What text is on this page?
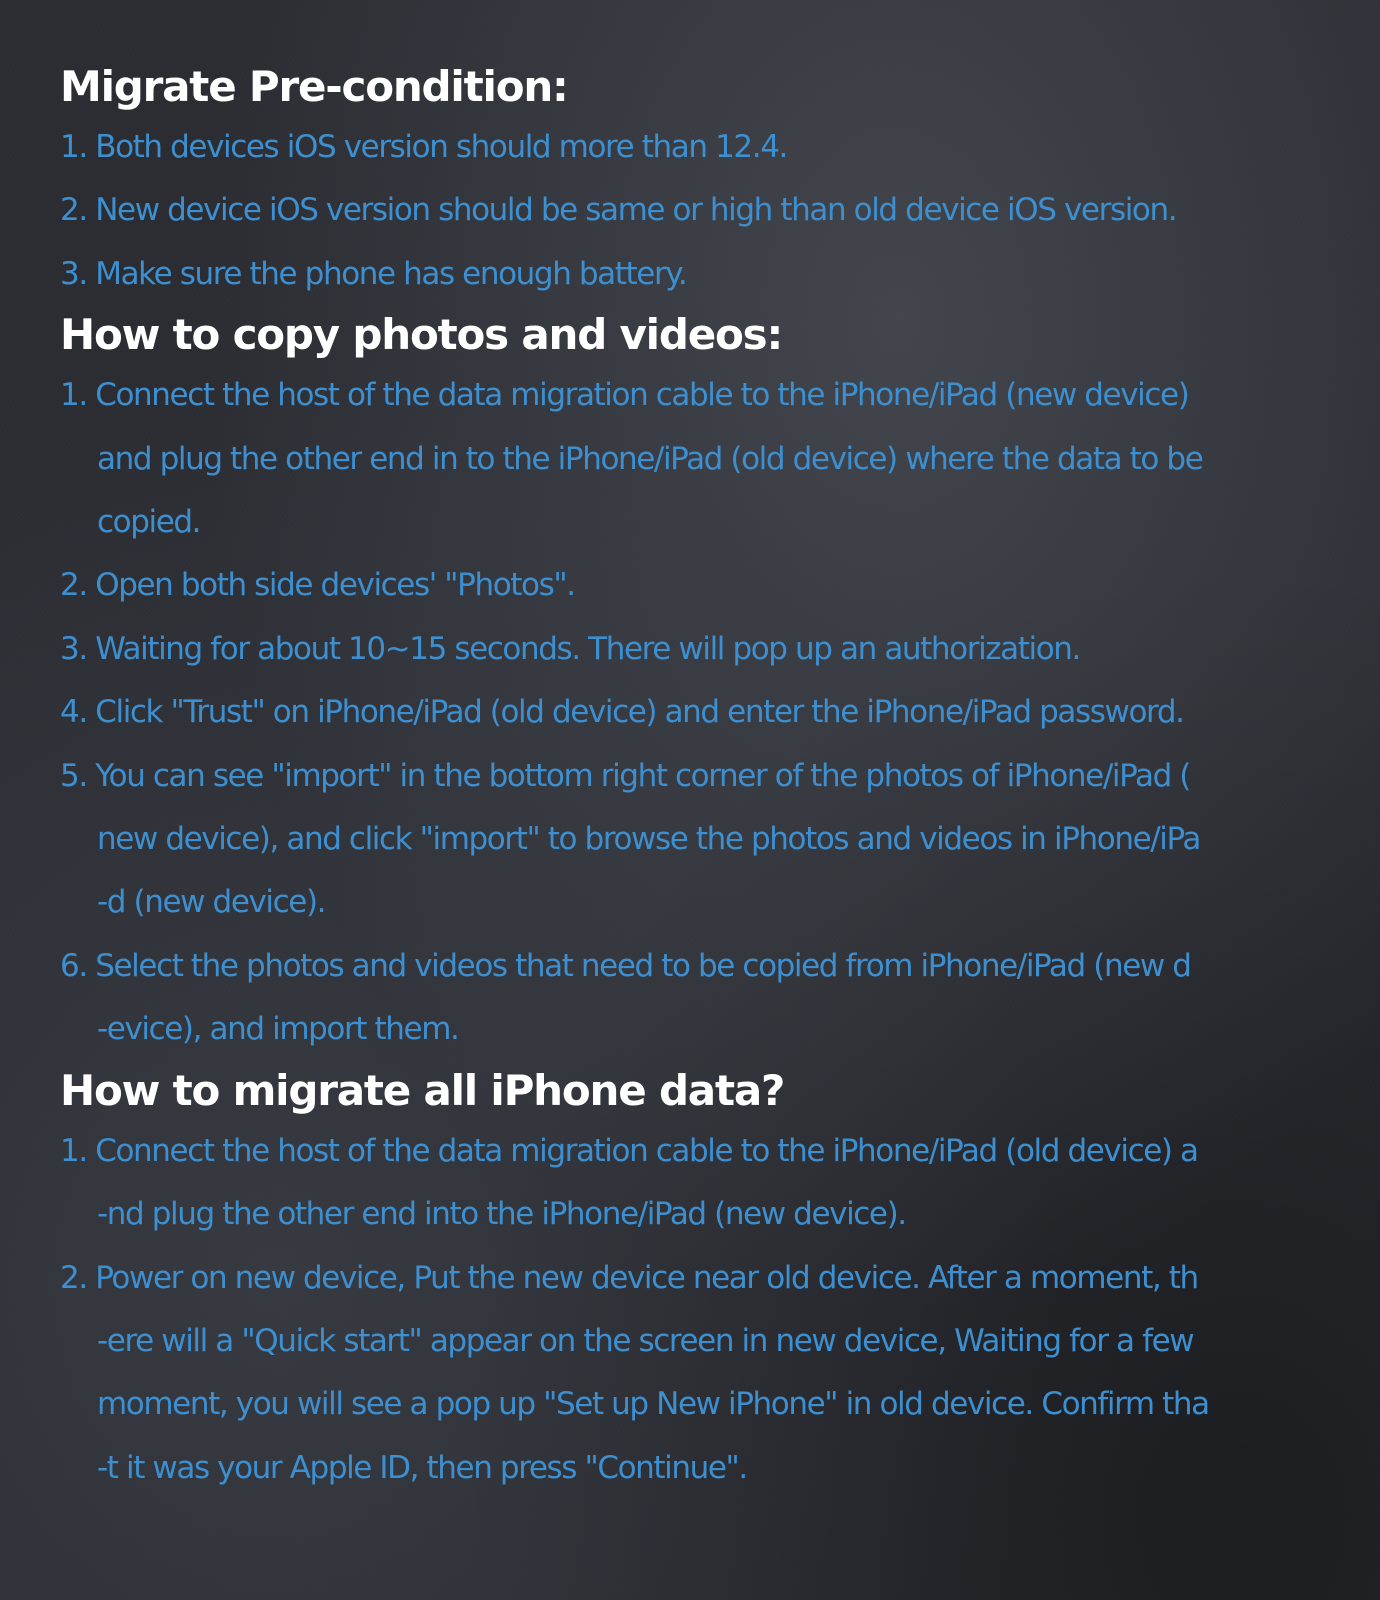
Migrate Pre-condition:

1. Both devices iOS version should more than 12.4.

2. New device iOS version should be same or high than old device iOS version.

3. Make sure the phone has enough battery.

How to copy photos and videos:

1. Connect the host of the data migration cable to the iPhone/iPad (new device)
and plug the other end in to the iPhone/iPad (old device) where the data to be
copied.

2. Open both side devices' "Photos".

3. Waiting for about 10~15 seconds. There will pop up an authorization.

4. Click "Trust" on iPhone/iPad (old device) and enter the iPhone/iPad password.

5. You can see "import" in the bottom right corner of the photos of iPhone/iPad (
new device), and click "import" to browse the photos and videos in iPhone/iPa
-d (new device).

6. Select the photos and videos that need to be copied from iPhone/iPad (new d
-evice), and import them.

How to migrate all iPhone data?

1. Connect the host of the data migration cable to the iPhone/iPad (old device) a
-nd plug the other end into the iPhone/iPad (new device).

2. Power on new device, Put the new device near old device. After a moment, th
-ere will a "Quick start" appear on the screen in new device, Waiting for a few
moment, you will see a pop up "Set up New iPhone" in old device. Confirm tha
-t it was your Apple ID, then press "Continue".
